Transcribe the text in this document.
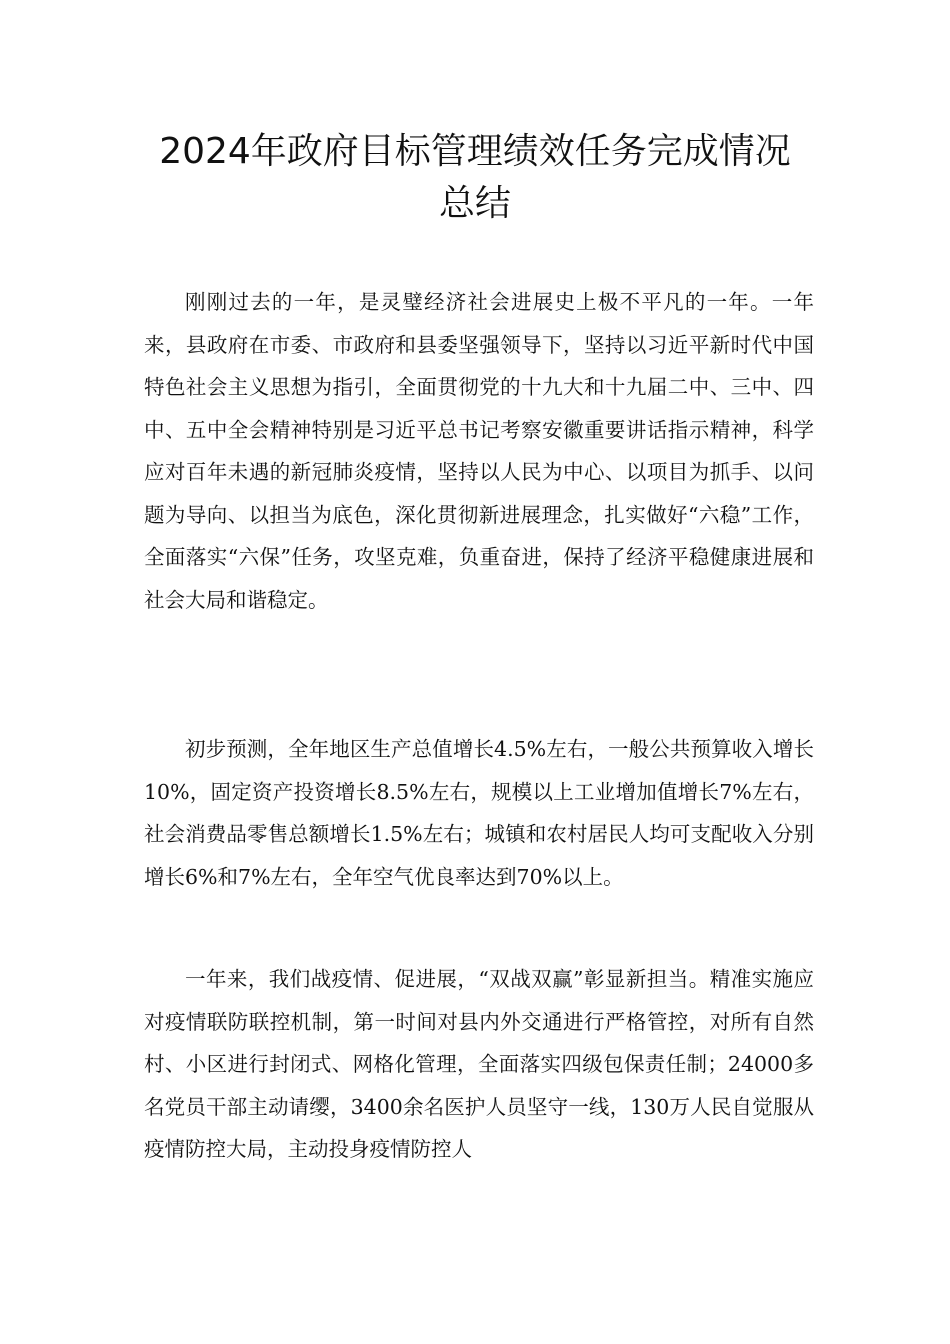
2024年政府目标管理绩效任务完成情况
总结

刚刚过去的一年，是灵璧经济社会进展史上极不平凡的一年。一年来，县政府在市委、市政府和县委坚强领导下，坚持以习近平新时代中国特色社会主义思想为指引，全面贯彻党的十九大和十九届二中、三中、四中、五中全会精神特别是习近平总书记考察安徽重要讲话指示精神，科学应对百年未遇的新冠肺炎疫情，坚持以人民为中心、以项目为抓手、以问题为导向、以担当为底色，深化贯彻新进展理念，扎实做好“六稳”工作，全面落实“六保”任务，攻坚克难，负重奋进，保持了经济平稳健康进展和社会大局和谐稳定。

初步预测，全年地区生产总值增长4.5%左右，一般公共预算收入增长10%，固定资产投资增长8.5%左右，规模以上工业增加值增长7%左右，社会消费品零售总额增长1.5%左右；城镇和农村居民人均可支配收入分别增长6%和7%左右，全年空气优良率达到70%以上。

一年来，我们战疫情、促进展，“双战双赢”彰显新担当。精准实施应对疫情联防联控机制，第一时间对县内外交通进行严格管控，对所有自然村、小区进行封闭式、网格化管理，全面落实四级包保责任制；24000多名党员干部主动请缨，3400余名医护人员坚守一线，130万人民自觉服从疫情防控大局，主动投身疫情防控人
